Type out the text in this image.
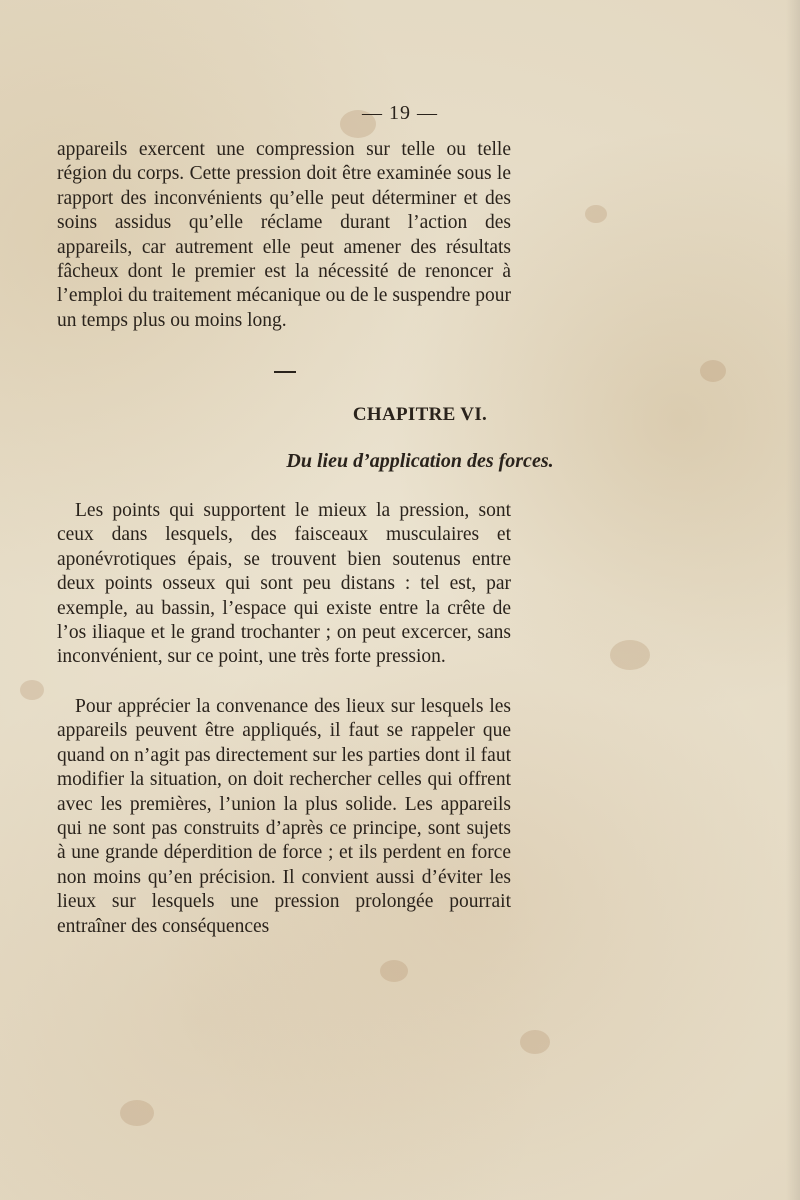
— 19 —

appareils exercent une compression sur telle ou telle région du corps. Cette pression doit être examinée sous le rapport des inconvénients qu’elle peut déterminer et des soins assidus qu’elle réclame durant l’action des appareils, car autrement elle peut amener des résultats fâcheux dont le premier est la nécessité de renoncer à l’emploi du traitement mécanique ou de le suspendre pour un temps plus ou moins long.

CHAPITRE VI.
Du lieu d’application des forces.

Les points qui supportent le mieux la pression, sont ceux dans lesquels, des faisceaux musculaires et aponévrotiques épais, se trouvent bien soutenus entre deux points osseux qui sont peu distans : tel est, par exemple, au bassin, l’espace qui existe entre la crête de l’os iliaque et le grand trochanter ; on peut excercer, sans inconvénient, sur ce point, une très forte pression.

Pour apprécier la convenance des lieux sur lesquels les appareils peuvent être appliqués, il faut se rappeler que quand on n’agit pas directement sur les parties dont il faut modifier la situation, on doit rechercher celles qui offrent avec les premières, l’union la plus solide. Les appareils qui ne sont pas construits d’après ce principe, sont sujets à une grande déperdition de force ; et ils perdent en force non moins qu’en précision. Il convient aussi d’éviter les lieux sur lesquels une pression prolongée pourrait entraîner des conséquences
